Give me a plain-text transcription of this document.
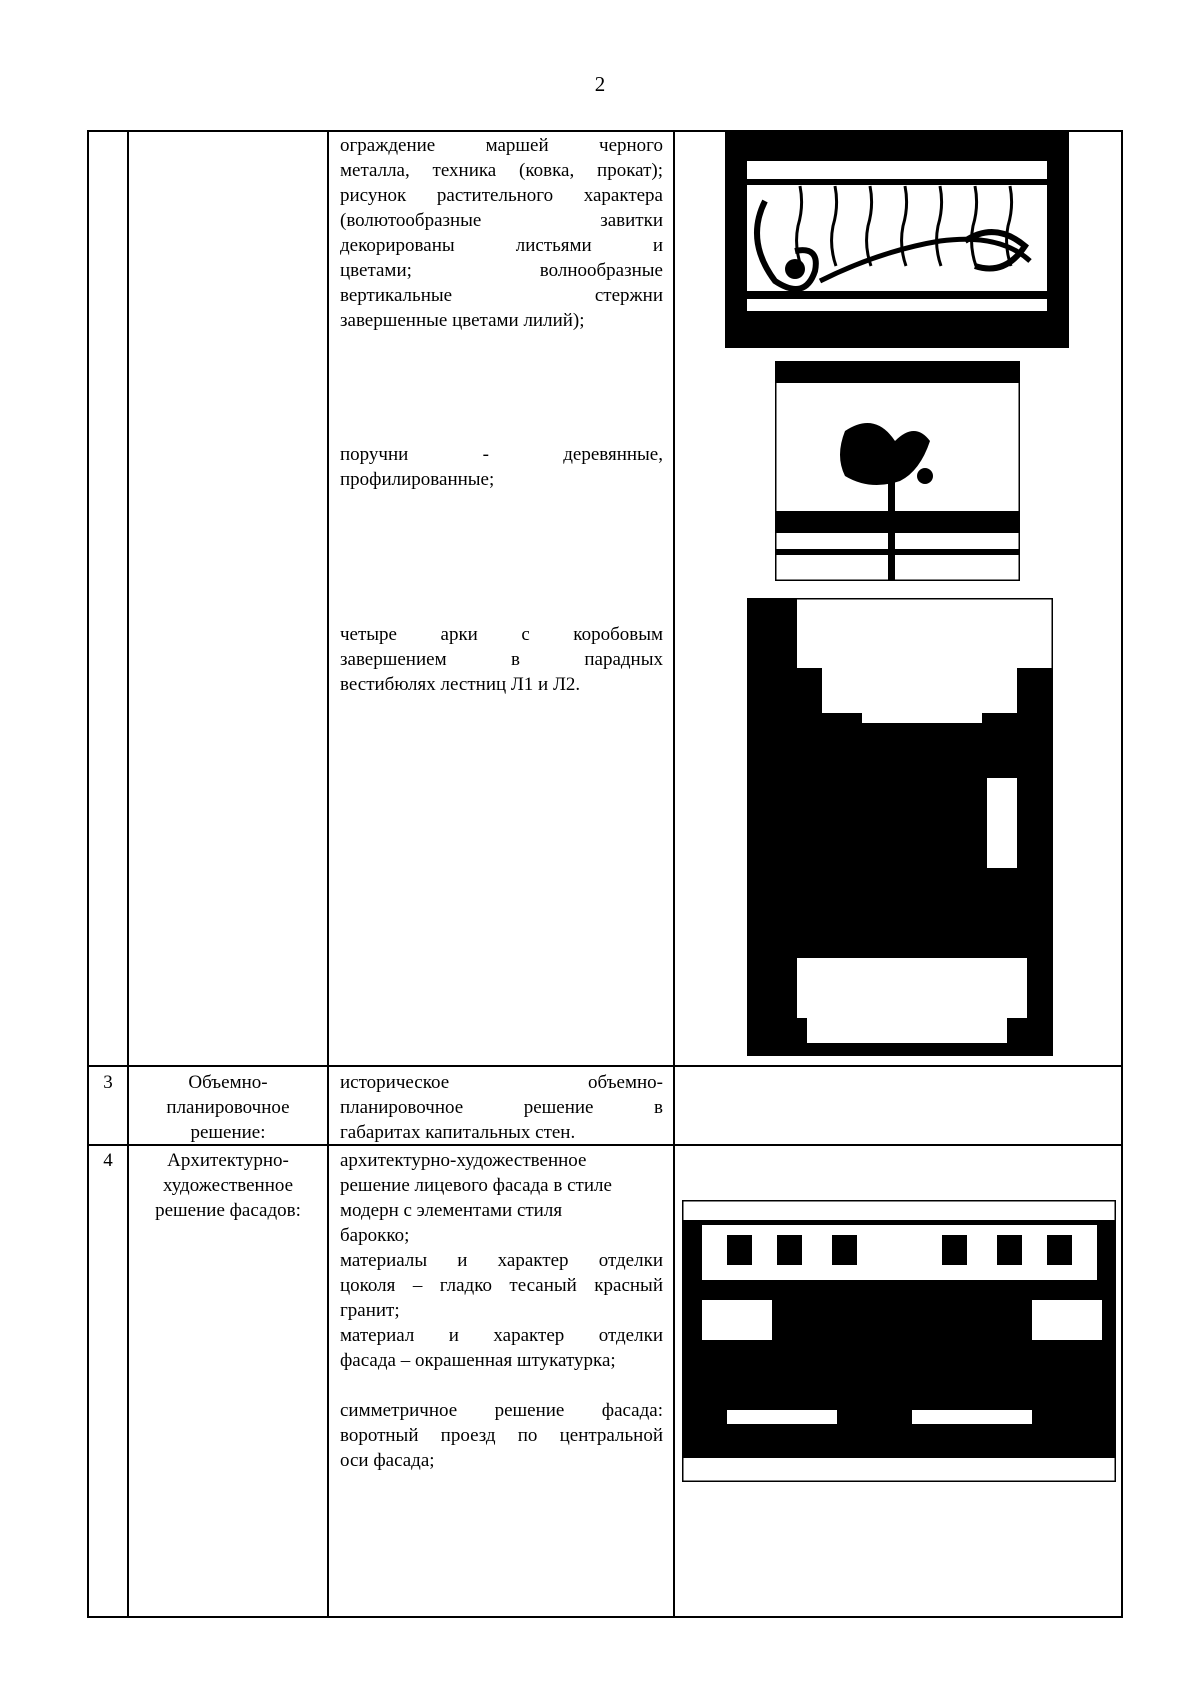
2
ограждение маршей черного
металла, техника (ковка, прокат);
рисунок растительного характера
(волютообразные завитки
декорированы листьями и
цветами; волнообразные
вертикальные стержни
завершенные цветами лилий);
поручни - деревянные,
профилированные;
четыре арки с коробовым
завершением в парадных
вестибюлях лестниц Л1 и Л2.
3	Объемно-
планировочное
решение:
историческое объемно-
планировочное решение в
габаритах капитальных стен.
4	Архитектурно-
художественное
решение фасадов:
архитектурно-художественное
решение лицевого фасада в стиле
модерн с элементами стиля
барокко;
материалы и характер отделки
цоколя – гладко тесаный красный
гранит;
материал и характер отделки
фасада – окрашенная штукатурка;
симметричное решение фасада:
воротный проезд по центральной
оси фасада;
